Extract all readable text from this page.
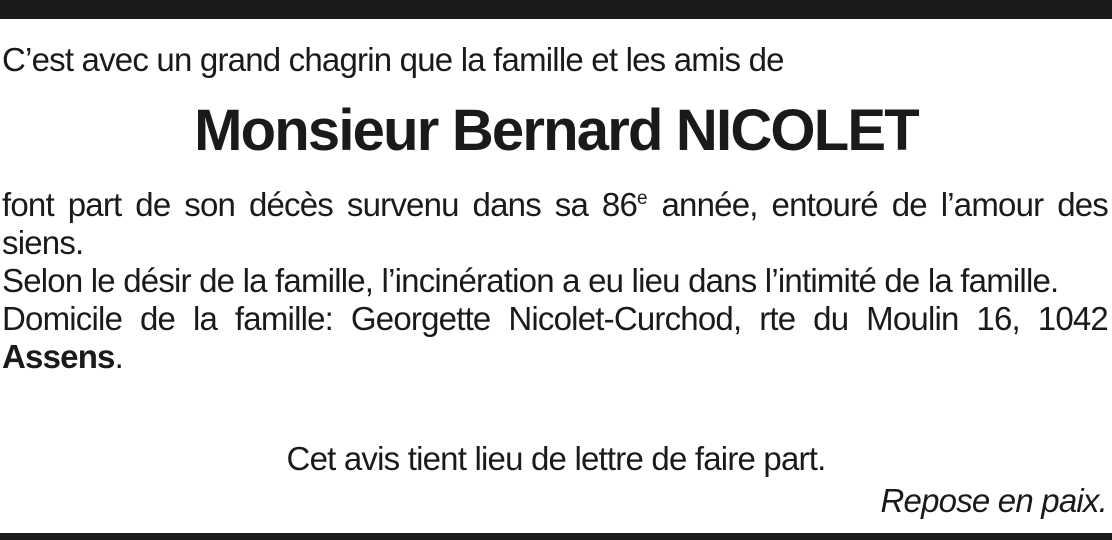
C’est avec un grand chagrin que la famille et les amis de
Monsieur Bernard NICOLET

font part de son décès survenu dans sa 86e année, entouré de l’amour des siens.

Selon le désir de la famille, l’incinération a eu lieu dans l’intimité de la famille.

Domicile de la famille: Georgette Nicolet-Curchod, rte du Moulin 16, 1042 Assens.

Cet avis tient lieu de lettre de faire part.
Repose en paix.
